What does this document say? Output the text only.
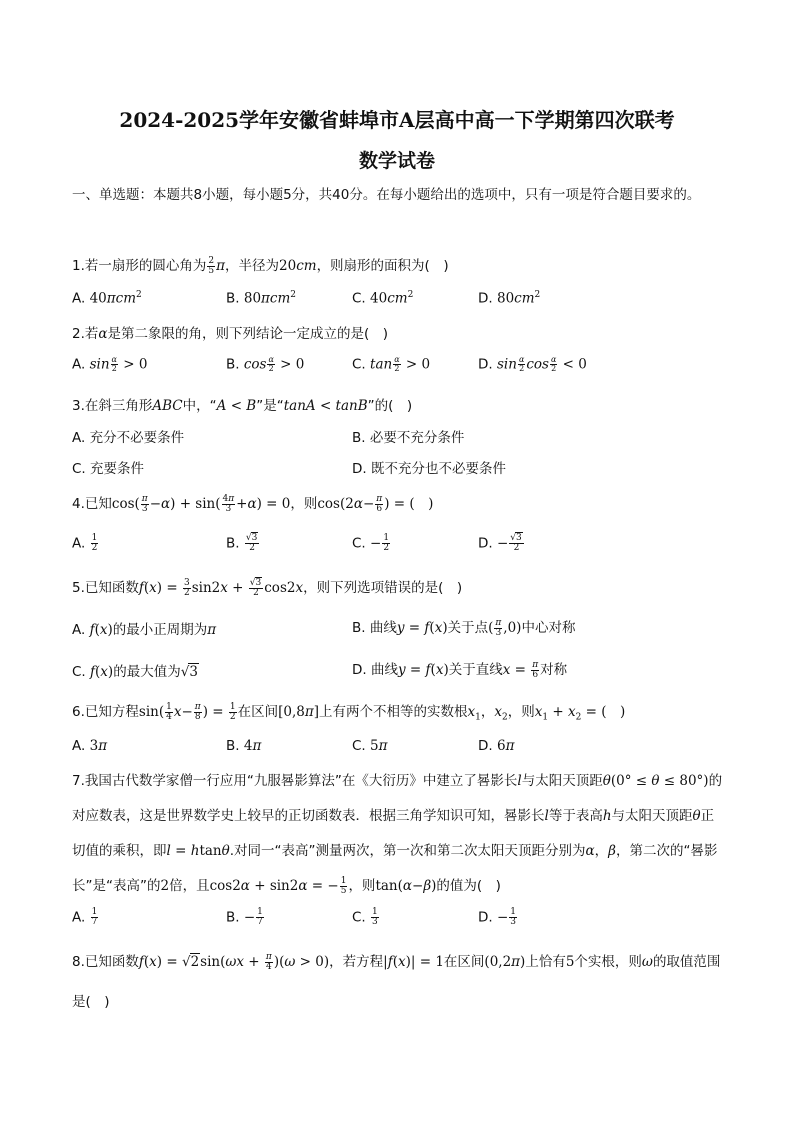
2024-2025学年安徽省蚌埠市A层高中高一下学期第四次联考
数学试卷
一、单选题：本题共8小题，每小题5分，共40分。在每小题给出的选项中，只有一项是符合题目要求的。
1.若一扇形的圆心角为 $\frac{2}{5}$ π，半径为20cm，则扇形的面积为(　)
A. 40πcm$^2$	B. 80πcm$^2$	C. $40cm^2$	D. $80cm^2$
2.若α是第二象限的角，则下列结论一定成立的是(　)
A. $\sin \frac{\alpha}{2} > 0$	B. $\cos \frac{\alpha}{2} > 0$	C. $\tan \frac{\alpha}{2} > 0$	D. $\sin \frac{\alpha}{2}$ $\cos \frac{\alpha}{2} < 0$
3.在斜三角形ABC中，“A < B”是“tanA < tanB”的(　)
A. 充分不必要条件	B. 必要不充分条件
C. 充要条件	D. 既不充分也不必要条件
4.已知$\cos( \frac{\pi}{3} -\alpha) + \sin( \frac{4\pi}{3} +\alpha) = 0$，则$\cos(2\alpha- \frac{\pi}{6}$ ) = (　)
A. $\frac{1}{2}$	B. $\frac{√3}{2}$	C. − $\frac{1}{2}$	D. − $\frac{√3}{2}$
5.已知函数$f(x) = \frac{3}{2} \sin 2x + \frac{√3}{2} \cos 2x$，则下列选项错误的是(　)
A. f(x)的最小正周期为π	B. 曲线y = f(x)关于点( $\frac{\pi}{3} ,0$)中心对称
C. f(x)的最大值为√3	D. 曲线y = f(x)关于直线$x = \frac{\pi}{6}$ 对称
6.已知方程$\sin( \frac{1}{4} x- \frac{\pi}{8}$ ) = $\frac{1}{2}$ 在区间[0,8π]上有两个不相等的实数根$x_1$，$x_2$，则$x_1 + x_2$ = (　)
A. 3π	B. 4π	C. 5π	D. 6π
7.我国古代数学家僧一行应用“九服晷影算法”在《大衍历》中建立了晷影长l与太阳天顶距θ(0° ≤ θ ≤ 80°)的对应数表，这是世界数学史上较早的正切函数表．根据三角学知识可知，晷影长l等于表高h与太阳天顶距θ正切值的乘积，即l = htanθ.对同一“表高”测量两次，第一次和第二次太阳天顶距分别为α，β，第二次的“晷影长”是“表高”的2倍，且cos2α + sin2α = − $\frac{1}{5}$ ，则tan(α−β)的值为(　)
A. $\frac{1}{7}$	B. − $\frac{1}{7}$	C. $\frac{1}{3}$	D. − $\frac{1}{3}$
8.已知函数$f(x) = √2\sin(\omega x + \frac{\pi}{4} )(\omega > 0)$，若方程|f(x)| = 1在区间(0,2π)上恰有5个实根，则ω的取值范围是(　)
